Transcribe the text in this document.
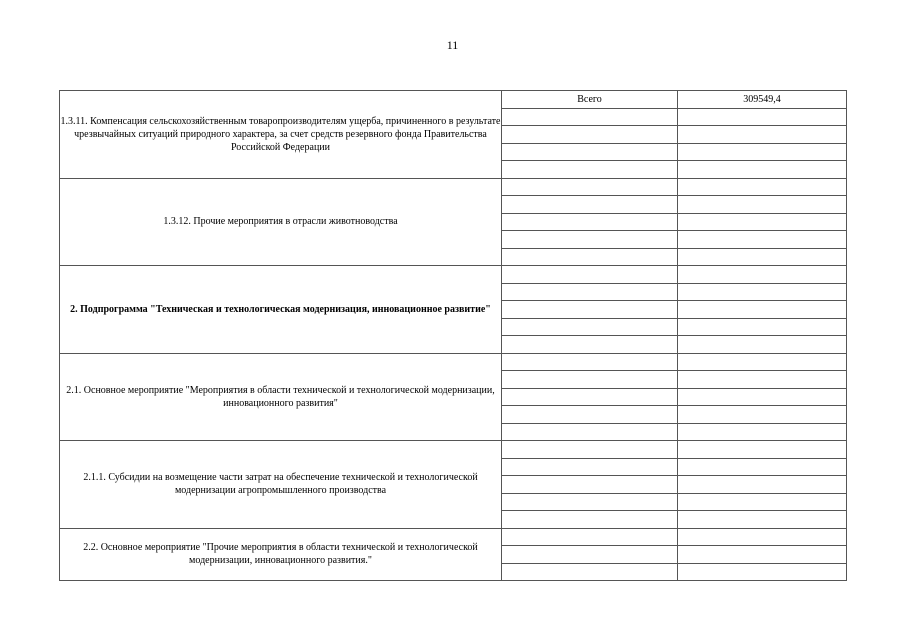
11
1.3.11. Компенсация сельскохозяйственным товаропроизводителям ущерба, причиненного в результате чрезвычайных ситуаций природного характера, за счет средств резервного фонда Правительства Российской Федерации	Всего	309549,4

1.3.12. Прочие мероприятия в отрасли животноводства		

2. Подпрограмма "Техническая и технологическая модернизация, инновационное развитие"		

2.1. Основное мероприятие "Мероприятия в области технической и технологической модернизации, инновационного развития"		

2.1.1. Субсидии на возмещение части затрат на обеспечение технической и технологической модернизации агропромышленного производства		

2.2. Основное мероприятие "Прочие мероприятия в области технической и технологической модернизации, инновационного развития."		
